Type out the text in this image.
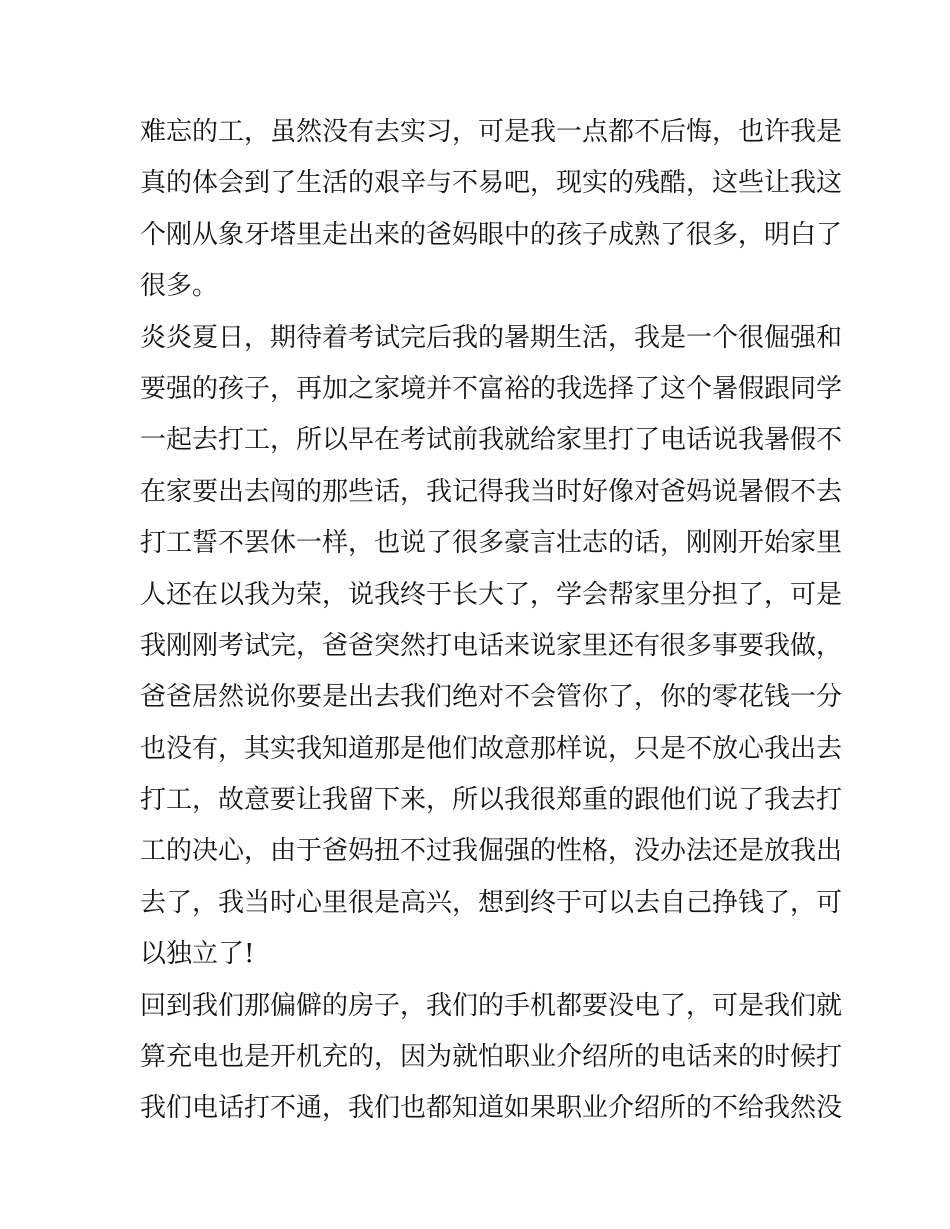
难忘的工，虽然没有去实习，可是我一点都不后悔，也许我是
真的体会到了生活的艰辛与不易吧，现实的残酷，这些让我这
个刚从象牙塔里走出来的爸妈眼中的孩子成熟了很多，明白了
很多。
炎炎夏日，期待着考试完后我的暑期生活，我是一个很倔强和
要强的孩子，再加之家境并不富裕的我选择了这个暑假跟同学
一起去打工，所以早在考试前我就给家里打了电话说我暑假不
在家要出去闯的那些话，我记得我当时好像对爸妈说暑假不去
打工誓不罢休一样，也说了很多豪言壮志的话，刚刚开始家里
人还在以我为荣，说我终于长大了，学会帮家里分担了，可是
我刚刚考试完，爸爸突然打电话来说家里还有很多事要我做，
爸爸居然说你要是出去我们绝对不会管你了，你的零花钱一分
也没有，其实我知道那是他们故意那样说，只是不放心我出去
打工，故意要让我留下来，所以我很郑重的跟他们说了我去打
工的决心，由于爸妈扭不过我倔强的性格，没办法还是放我出
去了，我当时心里很是高兴，想到终于可以去自己挣钱了，可
以独立了!
回到我们那偏僻的房子，我们的手机都要没电了，可是我们就
算充电也是开机充的，因为就怕职业介绍所的电话来的时候打
我们电话打不通，我们也都知道如果职业介绍所的不给我然没
